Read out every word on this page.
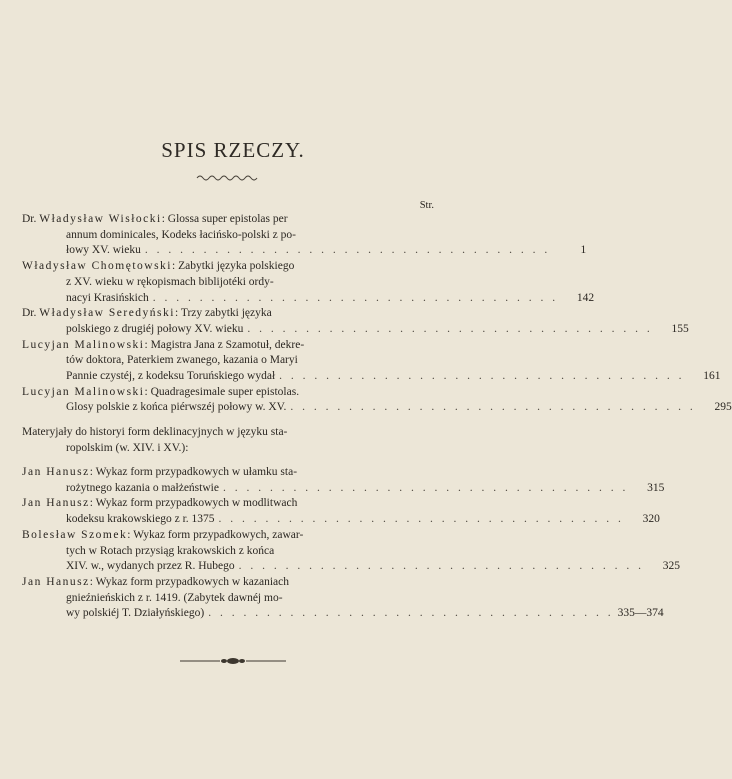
SPIS RZECZY.
Str.
Dr. Władysław Wisłocki: Glossa super epistolas per
annum dominicales, Kodeks łacińsko-polski z po-
łowy XV. wieku . . . . . . . . . . . . . . . . . . . . . . . . . . . . . . . . . . .	1
Władysław Chomętowski: Zabytki języka polskiego
z XV. wieku w rękopismach biblijotéki ordy-
nacyi Krasińskich . . . . . . . . . . . . . . . . . . . . . . . . . . . . . . . . . . .	142
Dr. Władysław Seredyński: Trzy zabytki języka
polskiego z drugiéj połowy XV. wieku . . . . . . . . . . . . . . . . . . . . . . . . . . . . . . . . . . .	155
Lucyjan Malinowski: Magistra Jana z Szamotuł, dekre-
tów doktora, Paterkiem zwanego, kazania o Maryi
Pannie czystéj, z kodeksu Toruńskiego wydał . . . . . . . . . . . . . . . . . . . . . . . . . . . . . . . . . . .	161
Lucyjan Malinowski: Quadragesimale super epistolas.
Glosy polskie z końca piérwszéj połowy w. XV. . . . . . . . . . . . . . . . . . . . . . . . . . . . . . . . . . . .	295
Materyjały do historyi form deklinacyjnych w języku sta-
ropolskim (w. XIV. i XV.):
Jan Hanusz: Wykaz form przypadkowych w ułamku sta-
rożytnego kazania o małżeństwie . . . . . . . . . . . . . . . . . . . . . . . . . . . . . . . . . . .	315
Jan Hanusz: Wykaz form przypadkowych w modlitwach
kodeksu krakowskiego z r. 1375 . . . . . . . . . . . . . . . . . . . . . . . . . . . . . . . . . . .	320
Bolesław Szomek: Wykaz form przypadkowych, zawar-
tych w Rotach przysiąg krakowskich z końca
XIV. w., wydanych przez R. Hubego . . . . . . . . . . . . . . . . . . . . . . . . . . . . . . . . . . .	325
Jan Hanusz: Wykaz form przypadkowych w kazaniach
gnieźnieńskich z r. 1419. (Zabytek dawnéj mo-
wy polskiéj T. Działyńskiego) . . . . . . . . . . . . . . . . . . . . . . . . . . . . . . . . . . . 335—374
